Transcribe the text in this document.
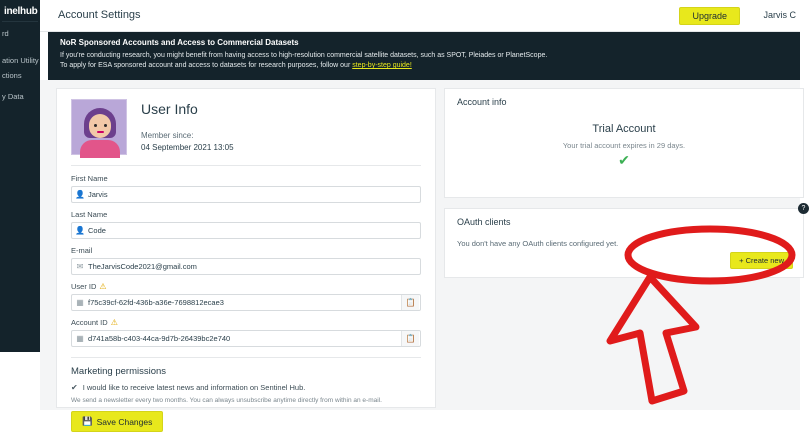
inelhub
rd
ation Utility
ctions
y Data
Account Settings	Upgrade	Jarvis C
NoR Sponsored Accounts and Access to Commercial Datasets
If you're conducting research, you might benefit from having access to high-resolution commercial satellite datasets, such as SPOT, Pleiades or PlanetScope.
To apply for ESA sponsored account and access to datasets for research purposes, follow our step-by-step guide!
User Info
Member since:
04 September 2021 13:05
First Name
👤 Jarvis
Last Name
👤 Code
E-mail
✉ TheJarvisCode2021@gmail.com
User ID ⚠
▦ f75c39cf-62fd-436b-a36e-7698812ecae3	📋
Account ID ⚠
▦ d741a58b-c403-44ca-9d7b-26439bc2e740	📋
Marketing permissions
✔ I would like to receive latest news and information on Sentinel Hub.
We send a newsletter every two months. You can always unsubscribe anytime directly from within an e-mail.
💾 Save Changes
Account info
Trial Account
Your trial account expires in 29 days.
✔
OAuth clients
You don't have any OAuth clients configured yet.
+ Create new
?
